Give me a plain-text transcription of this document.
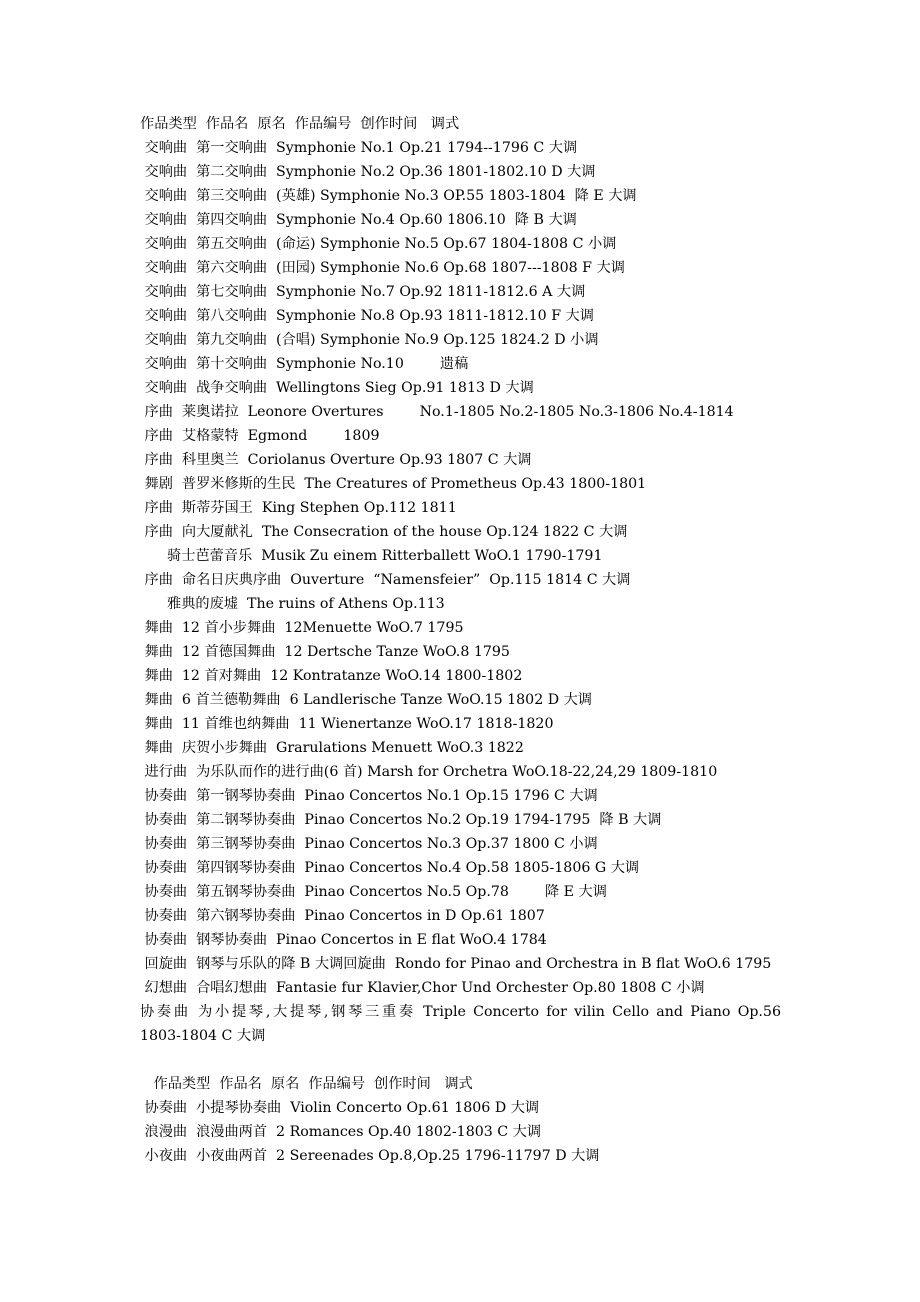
作品类型  作品名  原名  作品编号  创作时间   调式
交响曲  第一交响曲  Symphonie No.1 Op.21 1794--1796 C 大调
交响曲  第二交响曲  Symphonie No.2 Op.36 1801-1802.10 D 大调
交响曲  第三交响曲  (英雄) Symphonie No.3 OP.55 1803-1804  降 E 大调
交响曲  第四交响曲  Symphonie No.4 Op.60 1806.10  降 B 大调
交响曲  第五交响曲  (命运) Symphonie No.5 Op.67 1804-1808 C 小调
交响曲  第六交响曲  (田园) Symphonie No.6 Op.68 1807---1808 F 大调
交响曲  第七交响曲  Symphonie No.7 Op.92 1811-1812.6 A 大调
交响曲  第八交响曲  Symphonie No.8 Op.93 1811-1812.10 F 大调
交响曲  第九交响曲  (合唱) Symphonie No.9 Op.125 1824.2 D 小调
交响曲  第十交响曲  Symphonie No.10        遗稿
交响曲  战争交响曲  Wellingtons Sieg Op.91 1813 D 大调
序曲  莱奥诺拉  Leonore Overtures        No.1-1805 No.2-1805 No.3-1806 No.4-1814
序曲  艾格蒙特  Egmond        1809
序曲  科里奥兰  Coriolanus Overture Op.93 1807 C 大调
舞剧  普罗米修斯的生民  The Creatures of Prometheus Op.43 1800-1801
序曲  斯蒂芬国王  King Stephen Op.112 1811
序曲  向大厦献礼  The Consecration of the house Op.124 1822 C 大调
骑士芭蕾音乐  Musik Zu einem Ritterballett WoO.1 1790-1791
序曲  命名日庆典序曲  Ouverture  “Namensfeier”  Op.115 1814 C 大调
雅典的废墟  The ruins of Athens Op.113
舞曲  12 首小步舞曲  12Menuette WoO.7 1795
舞曲  12 首德国舞曲  12 Dertsche Tanze WoO.8 1795
舞曲  12 首对舞曲  12 Kontratanze WoO.14 1800-1802
舞曲  6 首兰德勒舞曲  6 Landlerische Tanze WoO.15 1802 D 大调
舞曲  11 首维也纳舞曲  11 Wienertanze WoO.17 1818-1820
舞曲  庆贺小步舞曲  Grarulations Menuett WoO.3 1822
进行曲  为乐队而作的进行曲(6 首) Marsh for Orchetra WoO.18-22,24,29 1809-1810
协奏曲  第一钢琴协奏曲  Pinao Concertos No.1 Op.15 1796 C 大调
协奏曲  第二钢琴协奏曲  Pinao Concertos No.2 Op.19 1794-1795  降 B 大调
协奏曲  第三钢琴协奏曲  Pinao Concertos No.3 Op.37 1800 C 小调
协奏曲  第四钢琴协奏曲  Pinao Concertos No.4 Op.58 1805-1806 G 大调
协奏曲  第五钢琴协奏曲  Pinao Concertos No.5 Op.78        降 E 大调
协奏曲  第六钢琴协奏曲  Pinao Concertos in D Op.61 1807
协奏曲  钢琴协奏曲  Pinao Concertos in E flat WoO.4 1784
回旋曲  钢琴与乐队的降 B 大调回旋曲  Rondo for Pinao and Orchestra in B flat WoO.6 1795
幻想曲  合唱幻想曲  Fantasie fur Klavier,Chor Und Orchester Op.80 1808 C 小调
协奏曲 为小提琴,大提琴,钢琴三重奏 Triple Concerto for vilin Cello and Piano Op.56
1803-1804 C 大调
作品类型  作品名  原名  作品编号  创作时间   调式
协奏曲  小提琴协奏曲  Violin Concerto Op.61 1806 D 大调
浪漫曲  浪漫曲两首  2 Romances Op.40 1802-1803 C 大调
小夜曲  小夜曲两首  2 Sereenades Op.8,Op.25 1796-11797 D 大调
